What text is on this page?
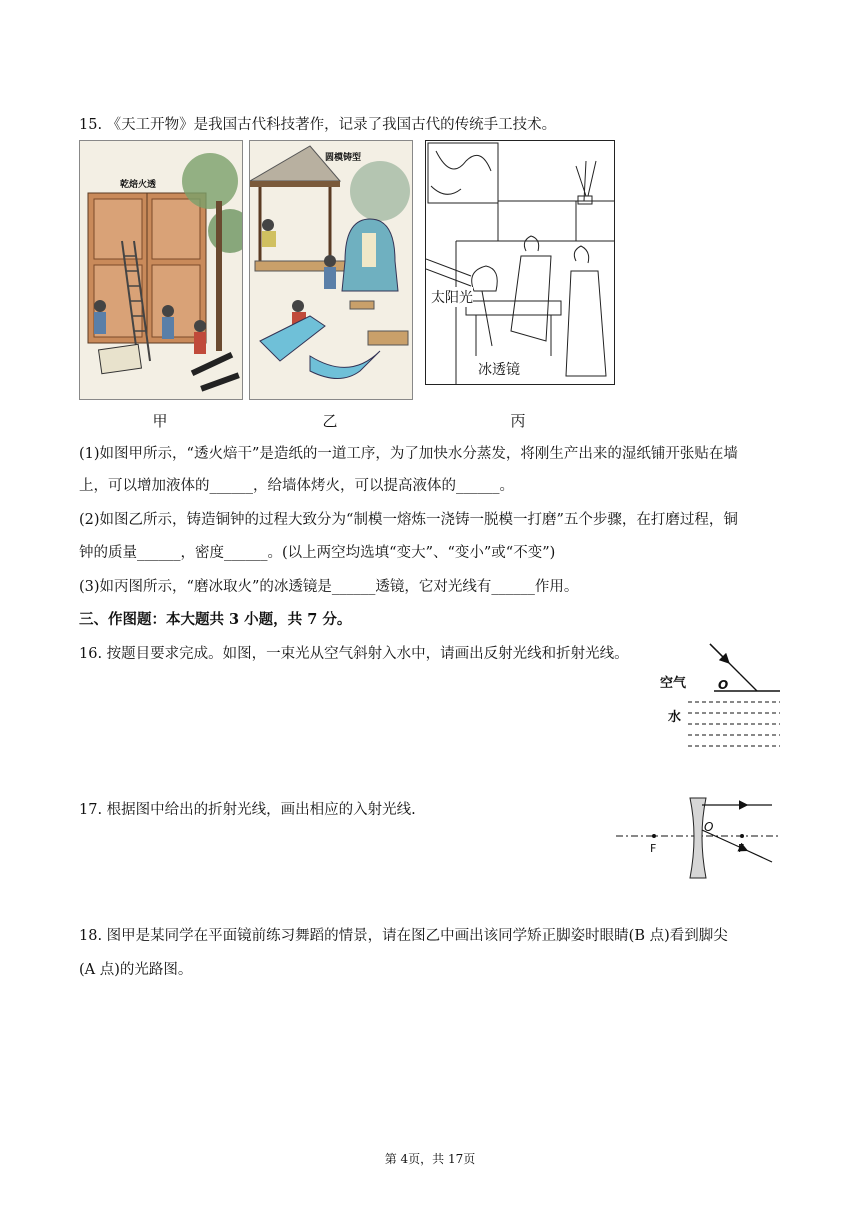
15. 《天工开物》是我国古代科技著作，记录了我国古代的传统手工技术。
乾焙火透
甲
圆模铸型
乙
太阳光
冰透镜
丙
(1)如图甲所示，“透火焙干”是造纸的一道工序，为了加快水分蒸发，将刚生产出来的湿纸铺开张贴在墙
上，可以增加液体的______，给墙体烤火，可以提高液体的______。
(2)如图乙所示，铸造铜钟的过程大致分为“制模一熔炼一浇铸一脱模一打磨”五个步骤，在打磨过程，铜
钟的质量______，密度______。(以上两空均选填“变大”、“变小”或“不变”)
(3)如丙图所示，“磨冰取火”的冰透镜是______透镜，它对光线有______作用。
三、作图题：本大题共 3 小题，共 7 分。
16. 按题目要求完成。如图，一束光从空气斜射入水中，请画出反射光线和折射光线。
空气
水
O
17. 根据图中给出的折射光线，画出相应的入射光线.
O
F	F
18. 图甲是某同学在平面镜前练习舞蹈的情景，请在图乙中画出该同学矫正脚姿时眼睛(B 点)看到脚尖
(A 点)的光路图。
第 4页，共 17页
